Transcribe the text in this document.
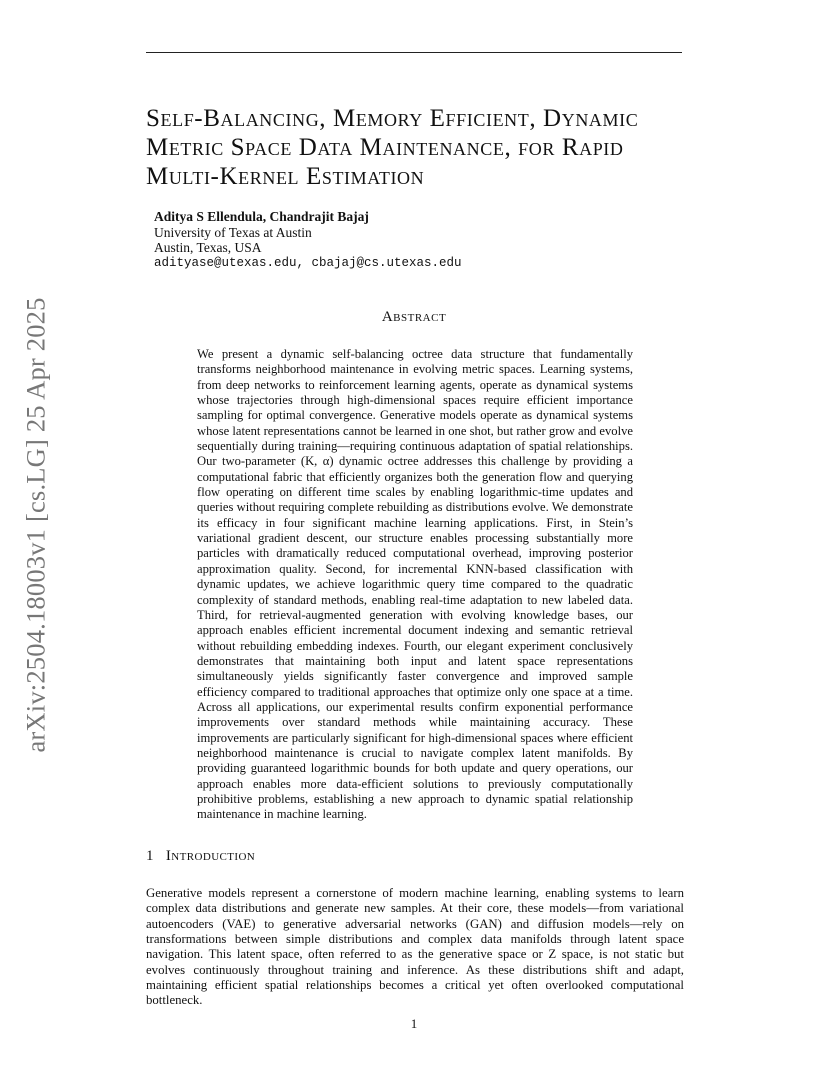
arXiv:2504.18003v1 [cs.LG] 25 Apr 2025
Self-Balancing, Memory Efficient, Dynamic Metric Space Data Maintenance, for Rapid Multi-Kernel Estimation
Aditya S Ellendula, Chandrajit Bajaj
University of Texas at Austin
Austin, Texas, USA
adityase@utexas.edu, cbajaj@cs.utexas.edu
Abstract

We present a dynamic self-balancing octree data structure that fundamentally transforms neighborhood maintenance in evolving metric spaces. Learning systems, from deep networks to reinforcement learning agents, operate as dynamical systems whose trajectories through high-dimensional spaces require efficient importance sampling for optimal convergence. Generative models operate as dynamical systems whose latent representations cannot be learned in one shot, but rather grow and evolve sequentially during training—requiring continuous adaptation of spatial relationships. Our two-parameter (K, α) dynamic octree addresses this challenge by providing a computational fabric that efficiently organizes both the generation flow and querying flow operating on different time scales by enabling logarithmic-time updates and queries without requiring complete rebuilding as distributions evolve. We demonstrate its efficacy in four significant machine learning applications. First, in Stein’s variational gradient descent, our structure enables processing substantially more particles with dramatically reduced computational overhead, improving posterior approximation quality. Second, for incremental KNN-based classification with dynamic updates, we achieve logarithmic query time compared to the quadratic complexity of standard methods, enabling real-time adaptation to new labeled data. Third, for retrieval-augmented generation with evolving knowledge bases, our approach enables efficient incremental document indexing and semantic retrieval without rebuilding embedding indexes. Fourth, our elegant experiment conclusively demonstrates that maintaining both input and latent space representations simultaneously yields significantly faster convergence and improved sample efficiency compared to traditional approaches that optimize only one space at a time. Across all applications, our experimental results confirm exponential performance improvements over standard methods while maintaining accuracy. These improvements are particularly significant for high-dimensional spaces where efficient neighborhood maintenance is crucial to navigate complex latent manifolds. By providing guaranteed logarithmic bounds for both update and query operations, our approach enables more data-efficient solutions to previously computationally prohibitive problems, establishing a new approach to dynamic spatial relationship maintenance in machine learning.

1 Introduction

Generative models represent a cornerstone of modern machine learning, enabling systems to learn complex data distributions and generate new samples. At their core, these models—from variational autoencoders (VAE) to generative adversarial networks (GAN) and diffusion models—rely on transformations between simple distributions and complex data manifolds through latent space navigation. This latent space, often referred to as the generative space or Z space, is not static but evolves continuously throughout training and inference. As these distributions shift and adapt, maintaining efficient spatial relationships becomes a critical yet often overlooked computational bottleneck.

1
